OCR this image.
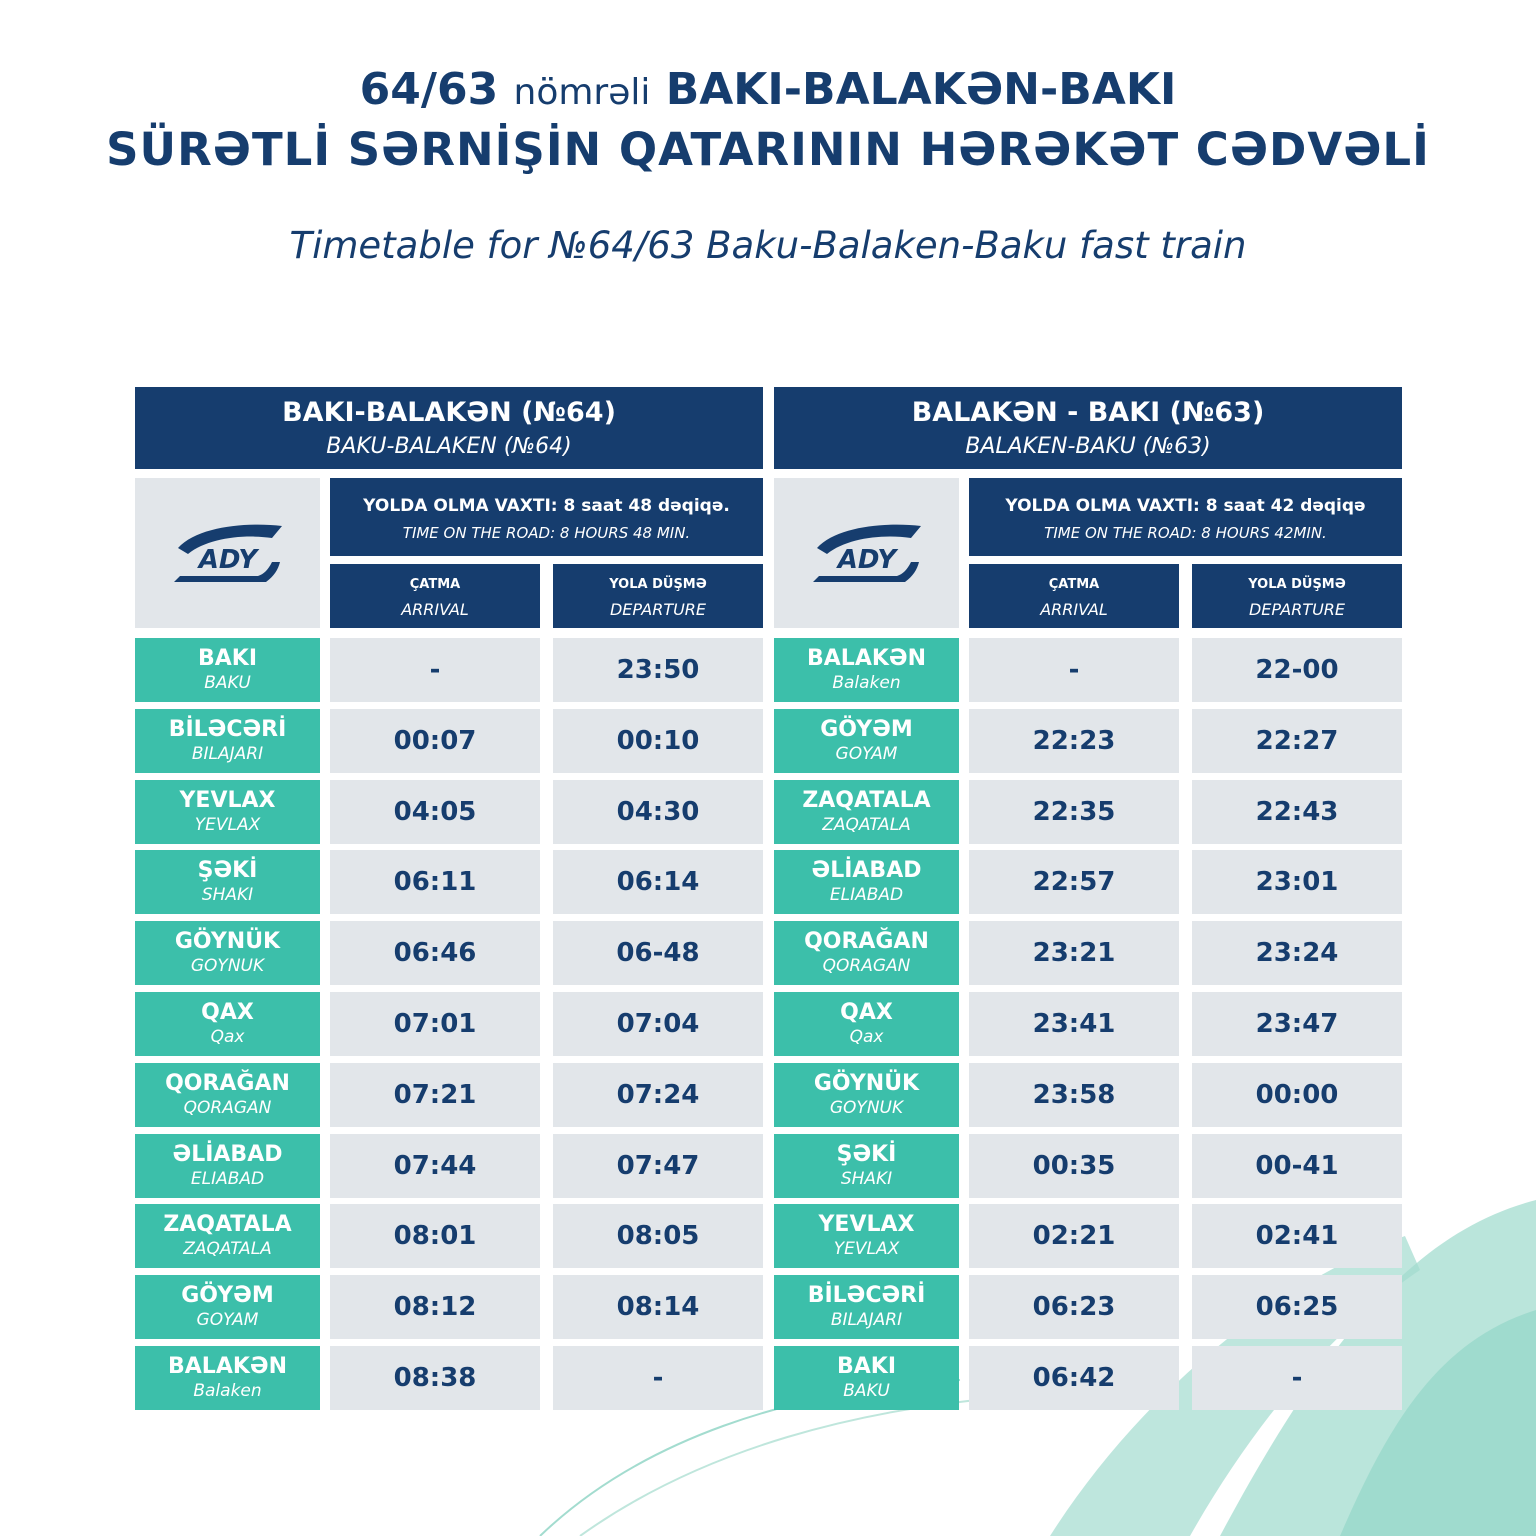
64/63 nömrəli BAKI-BALAKƏN-BAKI
SÜRƏTLİ SƏRNİŞİN QATARININ HƏRƏKƏT CƏDVƏLİ
Timetable for №64/63 Baku-Balaken-Baku fast train
BAKI-BALAKƏN (№64)
BAKU-BALAKEN (№64)
ADY
YOLDA OLMA VAXTI: 8 saat 48 dəqiqə.
TIME ON THE ROAD: 8 HOURS 48 MIN.
ÇATMA
ARRIVAL
YOLA DÜŞMƏ
DEPARTURE
BAKI
BAKU	-	23:50
BİLƏCƏRİ
BILAJARI	00:07	00:10
YEVLAX
YEVLAX	04:05	04:30
ŞƏKİ
SHAKI	06:11	06:14
GÖYNÜK
GOYNUK	06:46	06-48
QAX
Qax	07:01	07:04
QORAĞAN
QORAGAN	07:21	07:24
ƏLİABAD
ELIABAD	07:44	07:47
ZAQATALA
ZAQATALA	08:01	08:05
GÖYƏM
GOYAM	08:12	08:14
BALAKƏN
Balaken	08:38	-
BALAKƏN - BAKI (№63)
BALAKEN-BAKU (№63)
ADY
YOLDA OLMA VAXTI: 8 saat 42 dəqiqə
TIME ON THE ROAD: 8 HOURS 42MIN.
ÇATMA
ARRIVAL
YOLA DÜŞMƏ
DEPARTURE
BALAKƏN
Balaken	-	22-00
GÖYƏM
GOYAM	22:23	22:27
ZAQATALA
ZAQATALA	22:35	22:43
ƏLİABAD
ELIABAD	22:57	23:01
QORAĞAN
QORAGAN	23:21	23:24
QAX
Qax	23:41	23:47
GÖYNÜK
GOYNUK	23:58	00:00
ŞƏKİ
SHAKI	00:35	00-41
YEVLAX
YEVLAX	02:21	02:41
BİLƏCƏRİ
BILAJARI	06:23	06:25
BAKI
BAKU	06:42	-
